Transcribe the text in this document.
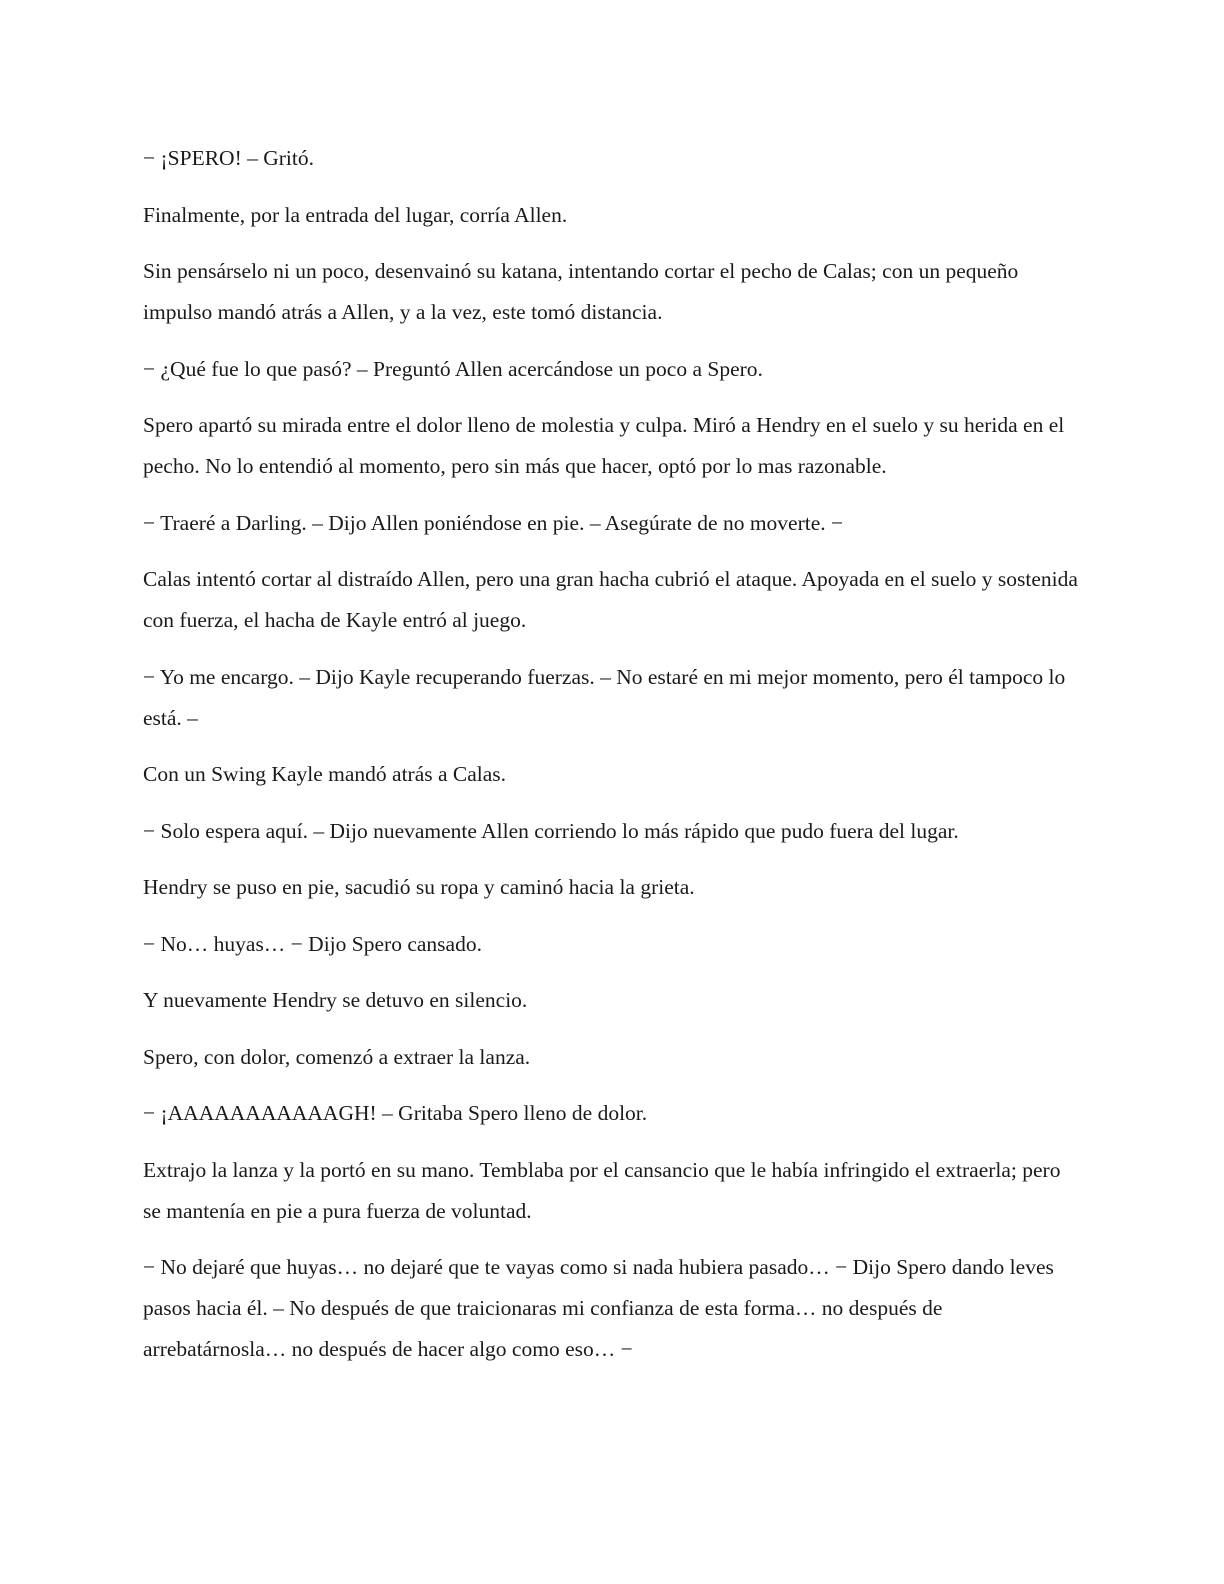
− ¡SPERO! – Gritó.

Finalmente, por la entrada del lugar, corría Allen.

Sin pensárselo ni un poco, desenvainó su katana, intentando cortar el pecho de Calas; con un pequeño impulso mandó atrás a Allen, y a la vez, este tomó distancia.

− ¿Qué fue lo que pasó? – Preguntó Allen acercándose un poco a Spero.

Spero apartó su mirada entre el dolor lleno de molestia y culpa. Miró a Hendry en el suelo y su herida en el pecho. No lo entendió al momento, pero sin más que hacer, optó por lo mas razonable.

− Traeré a Darling. – Dijo Allen poniéndose en pie. – Asegúrate de no moverte. −

Calas intentó cortar al distraído Allen, pero una gran hacha cubrió el ataque. Apoyada en el suelo y sostenida con fuerza, el hacha de Kayle entró al juego.

− Yo me encargo. – Dijo Kayle recuperando fuerzas. – No estaré en mi mejor momento, pero él tampoco lo está. –

Con un Swing Kayle mandó atrás a Calas.

− Solo espera aquí. – Dijo nuevamente Allen corriendo lo más rápido que pudo fuera del lugar.

Hendry se puso en pie, sacudió su ropa y caminó hacia la grieta.

− No… huyas… − Dijo Spero cansado.

Y nuevamente Hendry se detuvo en silencio.

Spero, con dolor, comenzó a extraer la lanza.

− ¡AAAAAAAAAAAGH! – Gritaba Spero lleno de dolor.

Extrajo la lanza y la portó en su mano. Temblaba por el cansancio que le había infringido el extraerla; pero se mantenía en pie a pura fuerza de voluntad.

− No dejaré que huyas… no dejaré que te vayas como si nada hubiera pasado… − Dijo Spero dando leves pasos hacia él. – No después de que traicionaras mi confianza de esta forma… no después de arrebatárnosla… no después de hacer algo como eso… −
